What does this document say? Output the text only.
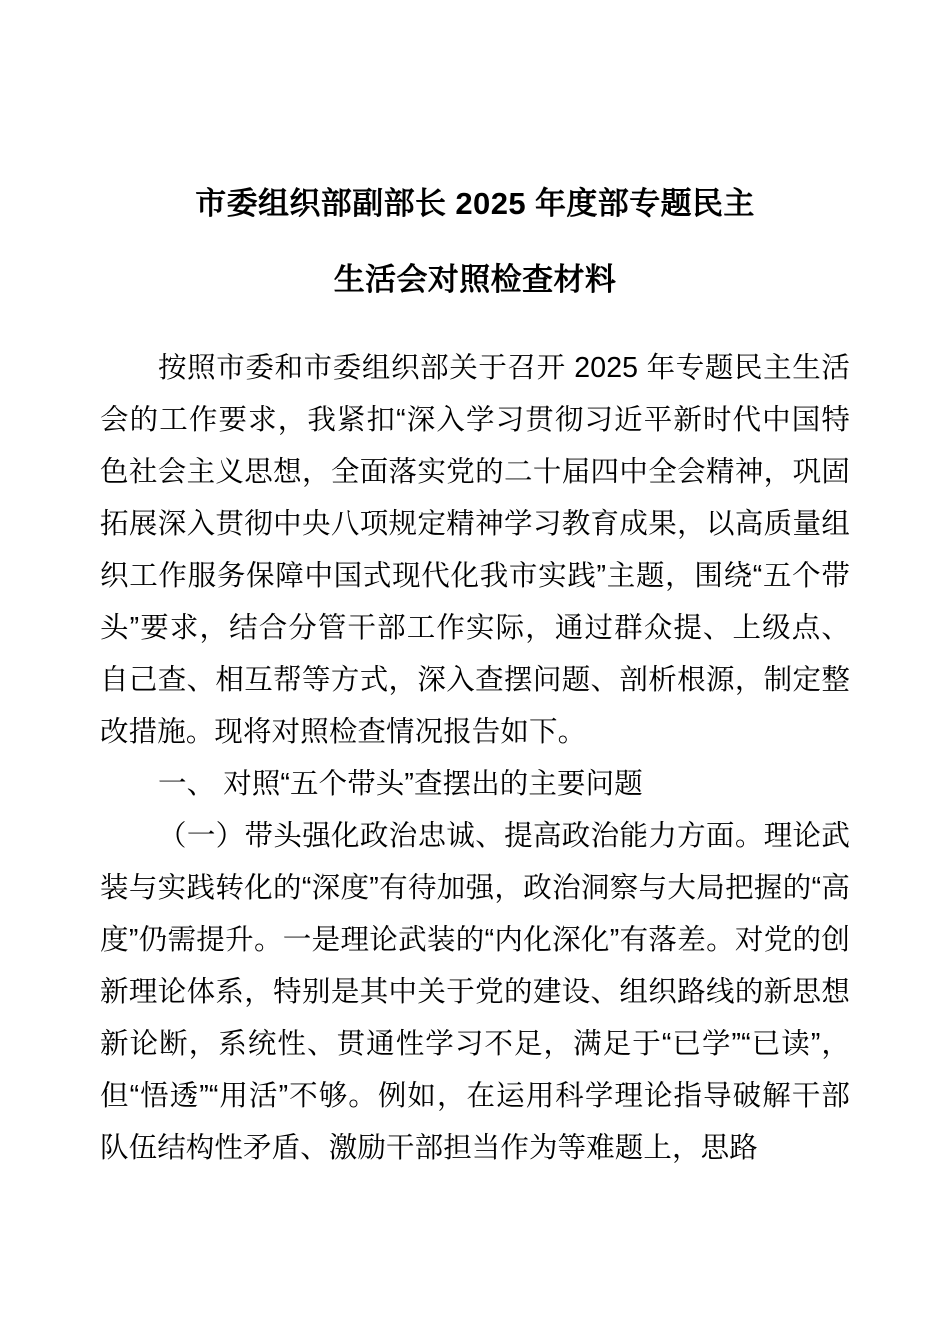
市委组织部副部长 2025 年度部专题民主
生活会对照检查材料

按照市委和市委组织部关于召开 2025 年专题民主生活会的工作要求，我紧扣“深入学习贯彻习近平新时代中国特色社会主义思想，全面落实党的二十届四中全会精神，巩固拓展深入贯彻中央八项规定精神学习教育成果，以高质量组织工作服务保障中国式现代化我市实践”主题，围绕“五个带头”要求，结合分管干部工作实际，通过群众提、上级点、自己查、相互帮等方式，深入查摆问题、剖析根源，制定整改措施。现将对照检查情况报告如下。

一、 对照“五个带头”查摆出的主要问题

（一）带头强化政治忠诚、提高政治能力方面。理论武装与实践转化的“深度”有待加强，政治洞察与大局把握的“高度”仍需提升。一是理论武装的“内化深化”有落差。对党的创新理论体系，特别是其中关于党的建设、组织路线的新思想新论断，系统性、贯通性学习不足，满足于“已学”“已读”，但“悟透”“用活”不够。例如，在运用科学理论指导破解干部队伍结构性矛盾、激励干部担当作为等难题上，思路
